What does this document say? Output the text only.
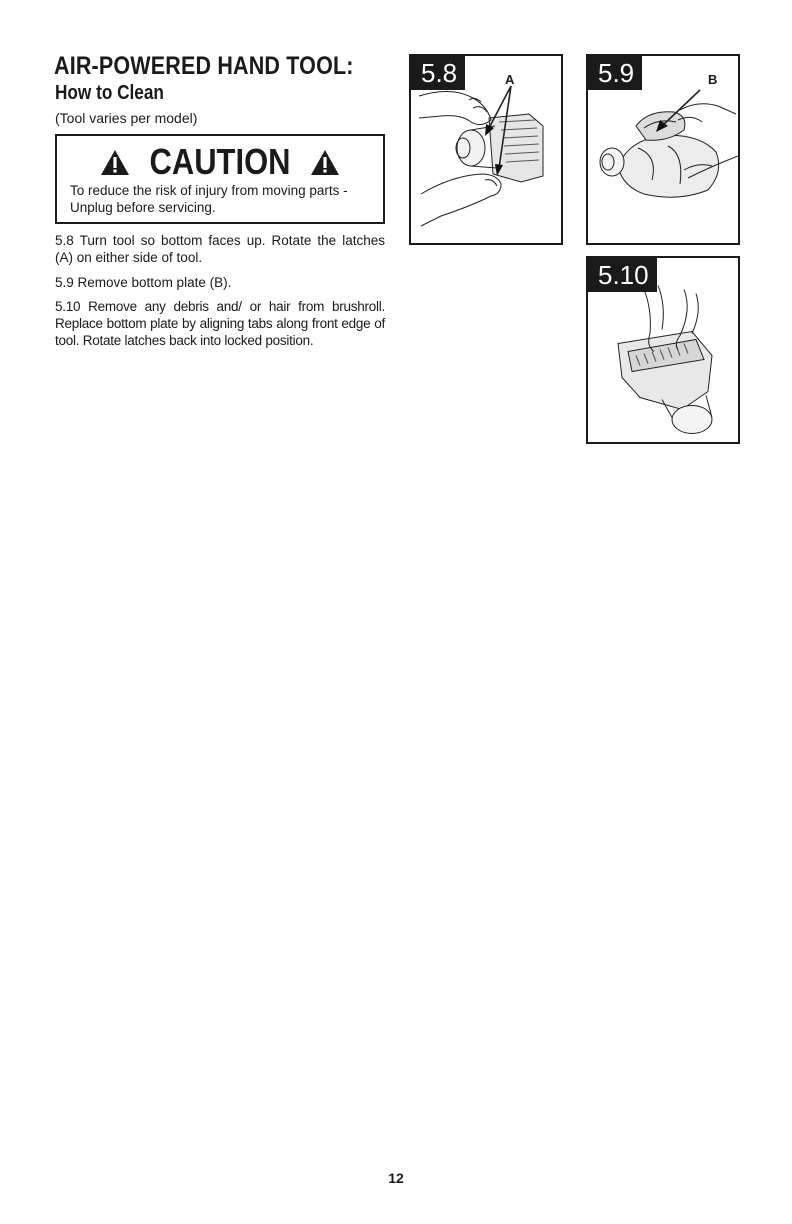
AIR-POWERED HAND TOOL:
How to Clean
(Tool varies per model)
CAUTION
To reduce the risk of injury from moving parts - Unplug before servicing.

5.8 Turn tool so bottom faces up. Rotate the latches (A) on either side of tool.

5.9 Remove bottom plate (B).

5.10 Remove any debris and/ or hair from brushroll. Replace bottom plate by aligning tabs along front edge of tool. Rotate latches back into locked position.

5.8	A	5.9	B
5.10
12
